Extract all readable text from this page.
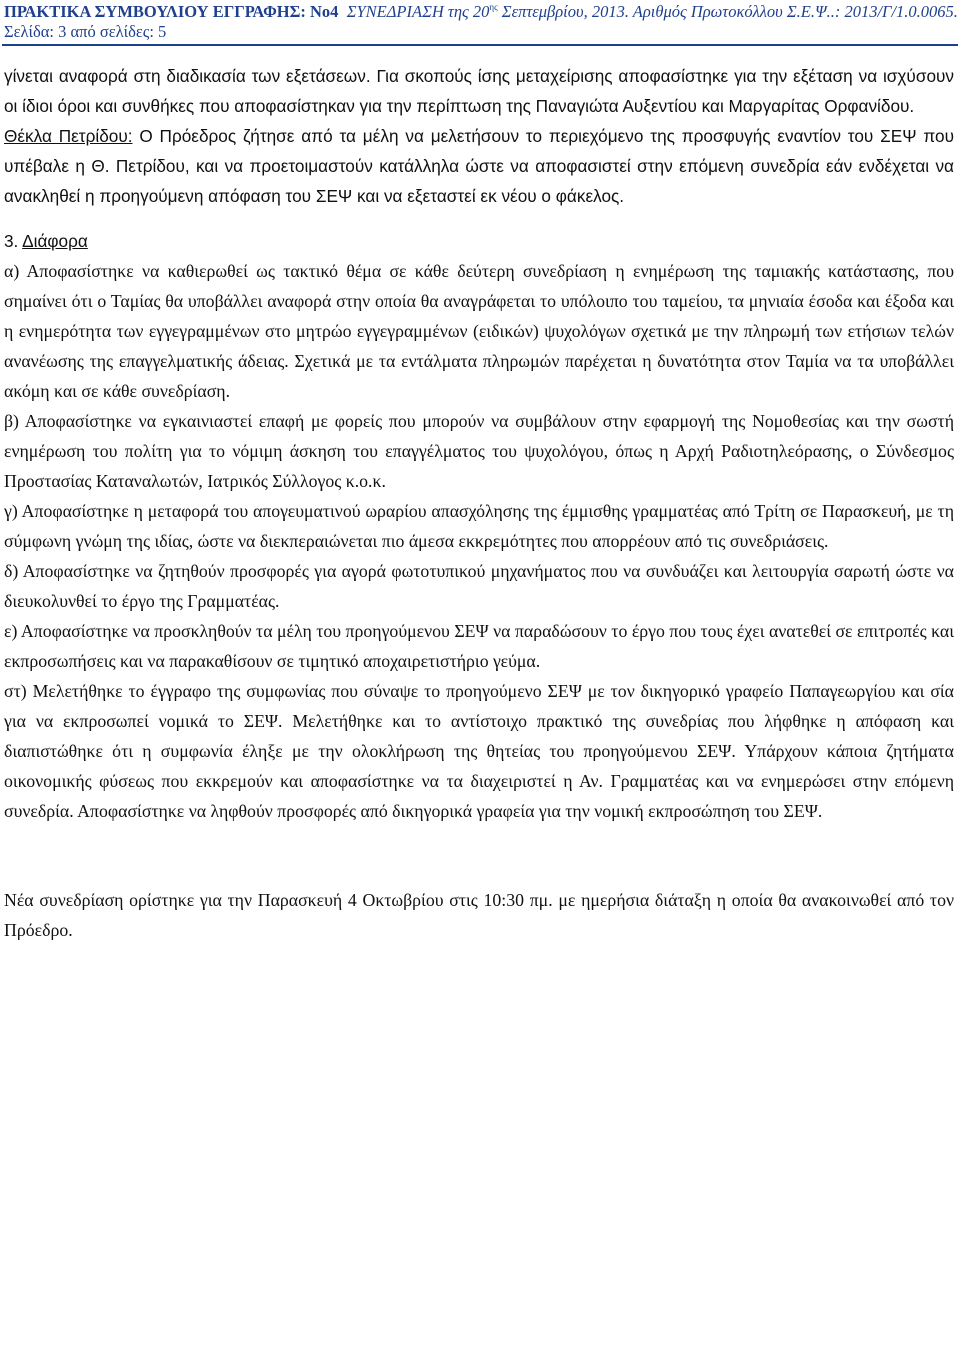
ΠΡΑΚΤΙΚΑ ΣΥΜΒΟΥΛΙΟΥ ΕΓΓΡΑΦΗΣ: Νο4 ΣΥΝΕΔΡΙΑΣΗ της $20^{\eta\varsigma}$ Σεπτεμβρίου, 2013. Αριθμός Πρωτοκόλλου Σ.Ε.Ψ..: 2013/Γ/1.0.0065.
Σελίδα: 3 από σελίδες: 5

γίνεται αναφορά στη διαδικασία των εξετάσεων. Για σκοπούς ίσης μεταχείρισης αποφασίστηκε για την εξέταση να ισχύσουν οι ίδιοι όροι και συνθήκες που αποφασίστηκαν για την περίπτωση της Παναγιώτα Αυξεντίου και Μαργαρίτας Ορφανίδου.

Θέκλα Πετρίδου: Ο Πρόεδρος ζήτησε από τα μέλη να μελετήσουν το περιεχόμενο της προσφυγής εναντίον του ΣΕΨ που υπέβαλε η Θ. Πετρίδου, και να προετοιμαστούν κατάλληλα ώστε να αποφασιστεί στην επόμενη συνεδρία εάν ενδέχεται να ανακληθεί η προηγούμενη απόφαση του ΣΕΨ και να εξεταστεί εκ νέου ο φάκελος.

3. Διάφορα

α) Αποφασίστηκε να καθιερωθεί ως τακτικό θέμα σε κάθε δεύτερη συνεδρίαση η ενημέρωση της ταμιακής κατάστασης, που σημαίνει ότι ο Ταμίας θα υποβάλλει αναφορά στην οποία θα αναγράφεται το υπόλοιπο του ταμείου, τα μηνιαία έσοδα και έξοδα και η ενημερότητα των εγγεγραμμένων στο μητρώο εγγεγραμμένων (ειδικών) ψυχολόγων σχετικά με την πληρωμή των ετήσιων τελών ανανέωσης της επαγγελματικής άδειας. Σχετικά με τα εντάλματα πληρωμών παρέχεται η δυνατότητα στον Ταμία να τα υποβάλλει ακόμη και σε κάθε συνεδρίαση.

β) Αποφασίστηκε να εγκαινιαστεί επαφή με φορείς που μπορούν να συμβάλουν στην εφαρμογή της Νομοθεσίας και την σωστή ενημέρωση του πολίτη για το νόμιμη άσκηση του επαγγέλματος του ψυχολόγου, όπως η Αρχή Ραδιοτηλεόρασης, ο Σύνδεσμος Προστασίας Καταναλωτών, Ιατρικός Σύλλογος κ.ο.κ.

γ) Αποφασίστηκε η μεταφορά του απογευματινού ωραρίου απασχόλησης της έμμισθης γραμματέας από Τρίτη σε Παρασκευή, με τη σύμφωνη γνώμη της ιδίας, ώστε να διεκπεραιώνεται πιο άμεσα εκκρεμότητες που απορρέουν από τις συνεδριάσεις.

δ) Αποφασίστηκε να ζητηθούν προσφορές για αγορά φωτοτυπικού μηχανήματος που να συνδυάζει και λειτουργία σαρωτή ώστε να διευκολυνθεί το έργο της Γραμματέας.

ε) Αποφασίστηκε να προσκληθούν τα μέλη του προηγούμενου ΣΕΨ να παραδώσουν το έργο που τους έχει ανατεθεί σε επιτροπές και εκπροσωπήσεις και να παρακαθίσουν σε τιμητικό αποχαιρετιστήριο γεύμα.

στ) Μελετήθηκε το έγγραφο της συμφωνίας που σύναψε το προηγούμενο ΣΕΨ με τον δικηγορικό γραφείο Παπαγεωργίου και σία για να εκπροσωπεί νομικά το ΣΕΨ. Μελετήθηκε και το αντίστοιχο πρακτικό της συνεδρίας που λήφθηκε η απόφαση και διαπιστώθηκε ότι η συμφωνία έληξε με την ολοκλήρωση της θητείας του προηγούμενου ΣΕΨ. Υπάρχουν κάποια ζητήματα οικονομικής φύσεως που εκκρεμούν και αποφασίστηκε να τα διαχειριστεί η Αν. Γραμματέας και να ενημερώσει στην επόμενη συνεδρία. Αποφασίστηκε να ληφθούν προσφορές από δικηγορικά γραφεία για την νομική εκπροσώπηση του ΣΕΨ.

Νέα συνεδρίαση ορίστηκε για την Παρασκευή 4 Οκτωβρίου στις 10:30 πμ. με ημερήσια διάταξη η οποία θα ανακοινωθεί από τον Πρόεδρο.
